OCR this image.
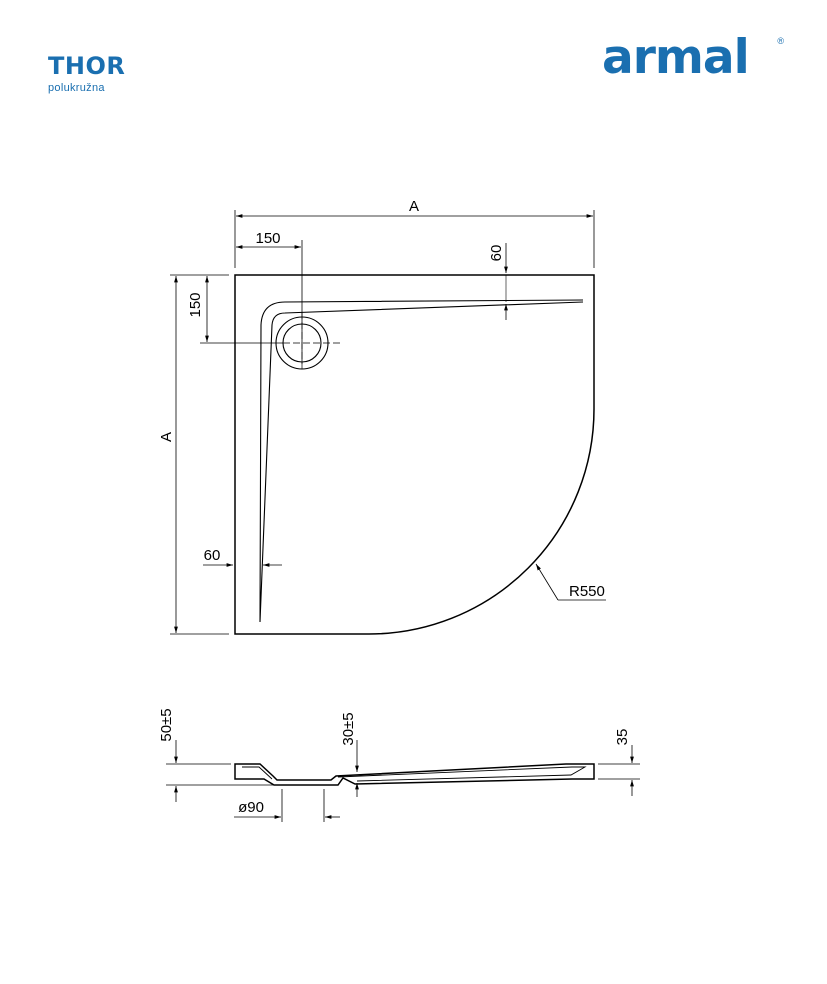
THOR
polukružna
armal	®
A
150
A
150
60
60
R550
50±5	30±5	35
ø90
